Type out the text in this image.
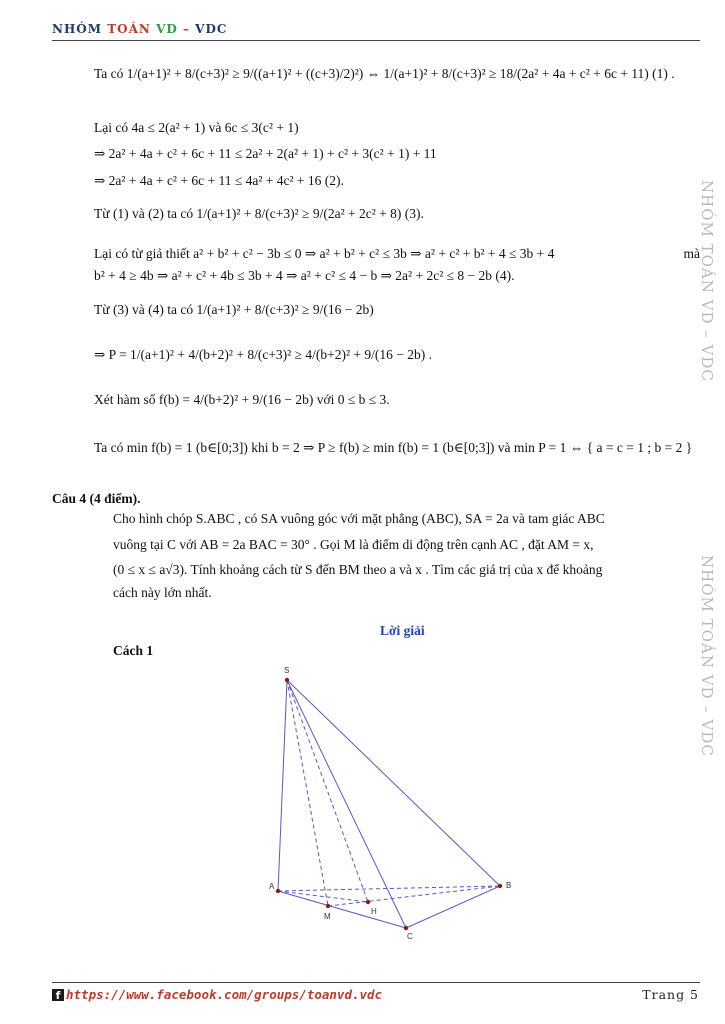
NHÓM TOÁN VD – VDC
NHÓM TOÁN VD – VDC
NHÓM TOÁN VD – VDC
Ta có 1/(a+1)² + 8/(c+3)² ≥ 9/((a+1)² + ((c+3)/2)²) ⇔ 1/(a+1)² + 8/(c+3)² ≥ 18/(2a² + 4a + c² + 6c + 11) (1) .
Lại có 4a ≤ 2(a² + 1) và 6c ≤ 3(c² + 1)
⇒ 2a² + 4a + c² + 6c + 11 ≤ 2a² + 2(a² + 1) + c² + 3(c² + 1) + 11
⇒ 2a² + 4a + c² + 6c + 11 ≤ 4a² + 4c² + 16 (2).
Từ (1) và (2) ta có 1/(a+1)² + 8/(c+3)² ≥ 9/(2a² + 2c² + 8) (3).
Lại có từ giả thiết a² + b² + c² − 3b ≤ 0 ⇒ a² + b² + c² ≤ 3b ⇒ a² + c² + b² + 4 ≤ 3b + 4	mà
b² + 4 ≥ 4b ⇒ a² + c² + 4b ≤ 3b + 4 ⇒ a² + c² ≤ 4 − b ⇒ 2a² + 2c² ≤ 8 − 2b (4).
Từ (3) và (4) ta có 1/(a+1)² + 8/(c+3)² ≥ 9/(16 − 2b)
⇒ P = 1/(a+1)² + 4/(b+2)² + 8/(c+3)² ≥ 4/(b+2)² + 9/(16 − 2b) .
Xét hàm số f(b) = 4/(b+2)² + 9/(16 − 2b) với 0 ≤ b ≤ 3.
Ta có min f(b) = 1 (b∈[0;3]) khi b = 2 ⇒ P ≥ f(b) ≥ min f(b) = 1 (b∈[0;3]) và min P = 1 ⇔ { a = c = 1 ; b = 2 }
Câu 4 (4 điểm).
Cho hình chóp S.ABC , có SA vuông góc với mặt phẳng (ABC), SA = 2a và tam giác ABC
vuông tại C với AB = 2a BAC = 30° . Gọi M là điểm di động trên cạnh AC , đặt AM = x,
(0 ≤ x ≤ a√3). Tính khoảng cách từ S đến BM theo a và x . Tìm các giá trị của x để khoảng
cách này lớn nhất.
Lời giải
Cách 1
S
A	B
C
M
H
f https://www.facebook.com/groups/toanvd.vdc	Trang 5
